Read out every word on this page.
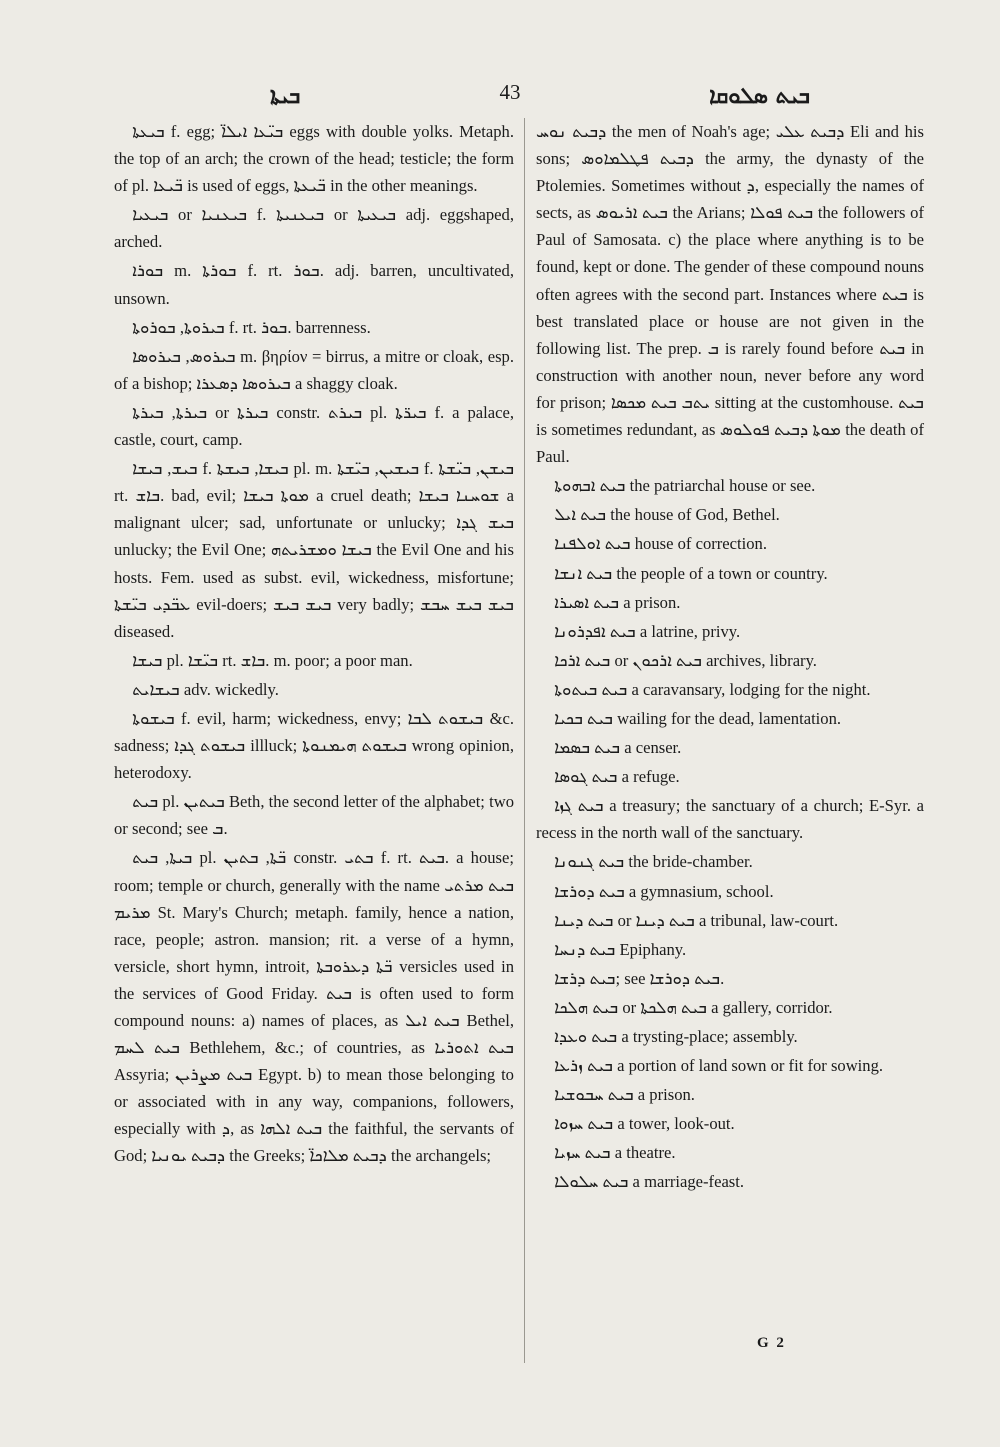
ܒܝܬܐ	43	ܒܝܬ ܣܠܘܩܐ

ܒܝܥܬܐ f. egg; ܒܝ̈ܥܐ ܐܝܠܐ̈ eggs with double yolks. Metaph. the top of an arch; the crown of the head; testicle; the form of pl. ܒ̈ܝܥܐ is used of eggs, ܒ̈ܝܥܬܐ in the other meanings.

ܒܝܥܝܐ or ܒܝܥܢܝܐ f. ܒܝܥܢܝܬܐ or ܒܝܥܝܬܐ adj. eggshaped, arched.

ܒܘܪܐ m. ܒܘܪܬܐ f. rt. ܒܘܪ. adj. barren, uncultivated, unsown.

ܒܝܪܘܬܐ, ܒܘܪܘܬܐ f. rt. ܒܘܪ. barrenness.

ܒܝܪܘܣ, ܒܝܪܘܣܐ m. βηρίον = birrus, a mitre or cloak, esp. of a bishop; ܒܝܪܘܣܐ ܕܣܥܪܐ a shaggy cloak.

ܒܝܪܬܐ, ܒܝܪܬܐ or ܒܝܪܬܐ constr. ܒܝܪܬ pl. ܒܝܪ̈ܬܐ f. a palace, castle, court, camp.

ܒܝܫ, ܒܝܫܐ f. ܒܝܫܐ, ܒܝܫܬܐ pl. m. ܒܝܫܝܢ, ܒܝ̈ܫܬܐ f. ܒܝܫܢ, ܒܝ̈ܫܬܐ rt. ܒܐܫ. bad, evil; ܡܘܬܐ ܒܝܫܐ a cruel death; ܫܘܚܢܐ ܒܝܫܐ a malignant ulcer; sad, unfortunate or unlucky; ܒܝܫ ܓܕܐ unlucky; the Evil One; ܒܝܫܐ ܘܡܫܪܝܬܗ the Evil One and his hosts. Fem. used as subst. evil, wickedness, misfortune; ܥܒ̈ܕܝ ܒܝ̈ܫܬܐ evil-doers; ܒܝܫ ܒܝܫ very badly; ܒܝܫ ܒܝܫ ܚܒܫ diseased.

ܒܝܫܐ pl. ܒܝ̈ܫܐ rt. ܒܐܫ. m. poor; a poor man.

ܒܝܫܐܝܬ adv. wickedly.

ܒܝܫܘܬܐ f. evil, harm; wickedness, envy; ܒܝܫܘܬ ܠܒܐ &c. sadness; ܒܝܫܘܬ ܓܕܐ illluck; ܒܝܫܘܬ ܗܝܡܢܘܬܐ wrong opinion, heterodoxy.

ܒܝܬ pl. ܒܝܬܝܢ Beth, the second letter of the alphabet; two or second; see ܒ.

ܒܝܬܐ, ܒܝܬ pl. ܒ̈ܬܐ, ܒܬܝܢ constr. ܒܬܝ f. rt. ܒܝܬ. a house; room; temple or church, generally with the name ܒܝܬ ܡܪܬܝ ܡܪܝܡ St. Mary's Church; metaph. family, hence a nation, race, people; astron. mansion; rit. a verse of a hymn, versicle, short hymn, introit, ܒ̈ܬܐ ܕܥܪܘܒܬܐ versicles used in the services of Good Friday. ܒܝܬ is often used to form compound nouns: a) names of places, as ܒܝܬ ܐܝܠ Bethel, ܒܝܬ ܠܚܡ Bethlehem, &c.; of countries, as ܒܝܬ ܐܬܘܪܝܐ Assyria; ܒܝܬ ܡܨܪܝܢ Egypt. b) to mean those belonging to or associated with in any way, companions, followers, especially with ܕ, as ܒܝܬ ܐܠܗܐ the faithful, the servants of God; ܕܒܝܬ ܝܘܢܝܐ the Greeks; ܕܒܝܬ ܡܠܐܟܐ̈ the archangels;

ܕܒܝܬ ܢܘܚ the men of Noah's age; ܕܒܝܬ ܥܠܝ Eli and his sons; ܕܒܝܬ ܦܛܠܡܐܘܣ the army, the dynasty of the Ptolemies. Sometimes without ܕ, especially the names of sects, as ܒܝܬ ܐܪܝܘܣ the Arians; ܒܝܬ ܦܘܠܐ the followers of Paul of Samosata. c) the place where anything is to be found, kept or done. The gender of these compound nouns often agrees with the second part. Instances where ܒܝܬ is best translated place or house are not given in the following list. The prep. ܒ is rarely found before ܒܝܬ in construction with another noun, never before any word for prison; ܝܬܒ ܒܝܬ ܡܟܣܐ sitting at the customhouse. ܒܝܬ is sometimes redundant, as ܡܘܬܐ ܕܒܝܬ ܦܘܠܘܣ the death of Paul.

ܒܝܬ ܐܒܗܘܬܐ the patriarchal house or see.

ܒܝܬ ܐܝܠ the house of God, Bethel.

ܒܝܬ ܐܘܠܦܢܐ house of correction.

ܒܝܬ ܐܢܫܐ the people of a town or country.

ܒܝܬ ܐܣܝܪܐ a prison.

ܒܝܬ ܐܦܕܪܘܢܐ a latrine, privy.

ܒܝܬ ܐܪܟܐ or ܒܝܬ ܐܪܟܘܢ archives, library.

ܒܝܬ ܒܝܬܘܬܐ a caravansary, lodging for the night.

ܒܝܬ ܒܟܝܐ wailing for the dead, lamentation.

ܒܝܬ ܒܣܡܐ a censer.

ܒܝܬ ܓܘܣܐ a refuge.

ܒܝܬ ܓܙܐ a treasury; the sanctuary of a church; E-Syr. a recess in the north wall of the sanctuary.

ܒܝܬ ܓܢܘܢܐ the bride-chamber.

ܒܝܬ ܕܘܪܫܐ a gymnasium, school.

ܒܝܬ ܕܝܢܐ or ܒܝܬ ܕܝܢܐ a tribunal, law-court.

ܒܝܬ ܕܢܚܐ Epiphany.

ܒܝܬ ܕܪܫܐ; see ܒܝܬ ܕܘܪܫܐ.

ܒܝܬ ܗܠܟܐ or ܒܝܬ ܗܠܟܬܐ a gallery, corridor.

ܒܝܬ ܘܥܕܐ a trysting-place; assembly.

ܒܝܬ ܙܪܥܐ a portion of land sown or fit for sowing.

ܒܝܬ ܚܒܘܫܝܐ a prison.

ܒܝܬ ܚܙܘܐ a tower, look-out.

ܒܝܬ ܚܙܝܐ a theatre.

ܒܝܬ ܚܠܘܠܐ a marriage-feast.

G 2
